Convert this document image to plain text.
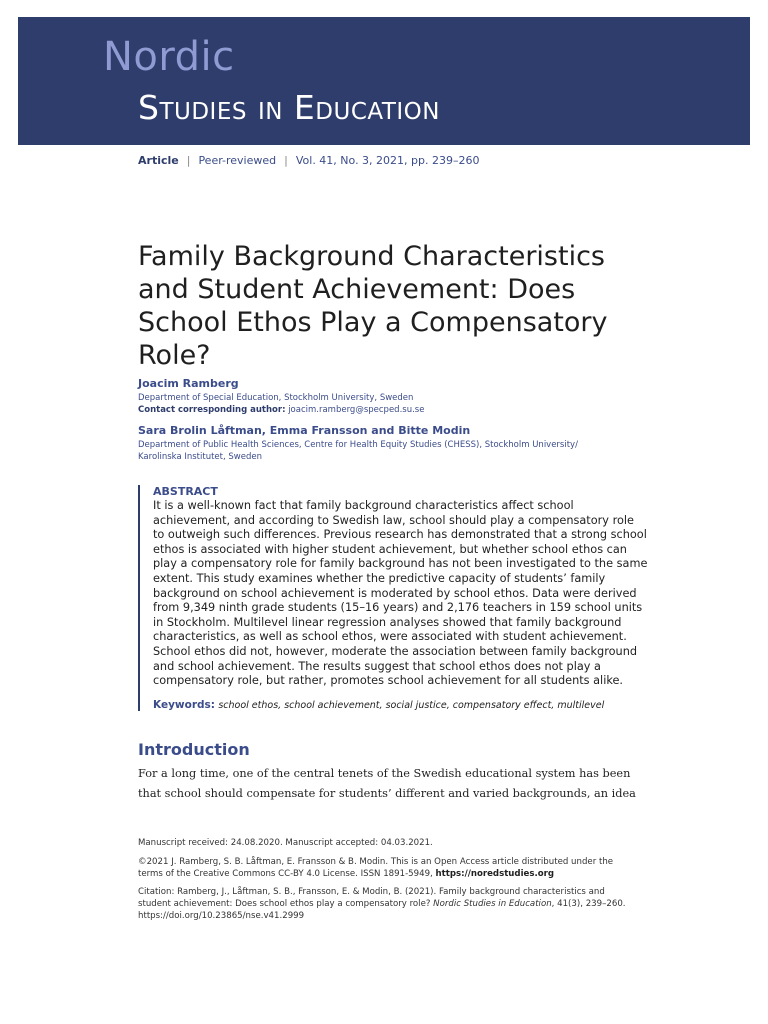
Nordic
Studies in Education
Article | Peer-reviewed | Vol. 41, No. 3, 2021, pp. 239–260
Family Background Characteristics and Student Achievement: Does School Ethos Play a Compensatory Role?
Joacim Ramberg
Department of Special Education, Stockholm University, Sweden
Contact corresponding author: joacim.ramberg@specped.su.se
Sara Brolin Låftman, Emma Fransson and Bitte Modin
Department of Public Health Sciences, Centre for Health Equity Studies (CHESS), Stockholm University/ Karolinska Institutet, Sweden
ABSTRACT
It is a well-known fact that family background characteristics affect school achievement, and according to Swedish law, school should play a compensatory role to outweigh such differences. Previous research has demonstrated that a strong school ethos is associated with higher student achievement, but whether school ethos can play a compensatory role for family background has not been investigated to the same extent. This study examines whether the predictive capacity of students’ family background on school achievement is moderated by school ethos. Data were derived from 9,349 ninth grade students (15–16 years) and 2,176 teachers in 159 school units in Stockholm. Multilevel linear regression analyses showed that family background characteristics, as well as school ethos, were associated with student achievement. School ethos did not, however, moderate the association between family background and school achievement. The results suggest that school ethos does not play a compensatory role, but rather, promotes school achievement for all students alike.
Keywords: school ethos, school achievement, social justice, compensatory effect, multilevel
Introduction
For a long time, one of the central tenets of the Swedish educational system has been that school should compensate for students’ different and varied backgrounds, an idea
Manuscript received: 24.08.2020. Manuscript accepted: 04.03.2021.
©2021 J. Ramberg, S. B. Låftman, E. Fransson & B. Modin. This is an Open Access article distributed under the terms of the Creative Commons CC-BY 4.0 License. ISSN 1891-5949, https://noredstudies.org
Citation: Ramberg, J., Låftman, S. B., Fransson, E. & Modin, B. (2021). Family background characteristics and student achievement: Does school ethos play a compensatory role? Nordic Studies in Education, 41(3), 239–260. https://doi.org/10.23865/nse.v41.2999
